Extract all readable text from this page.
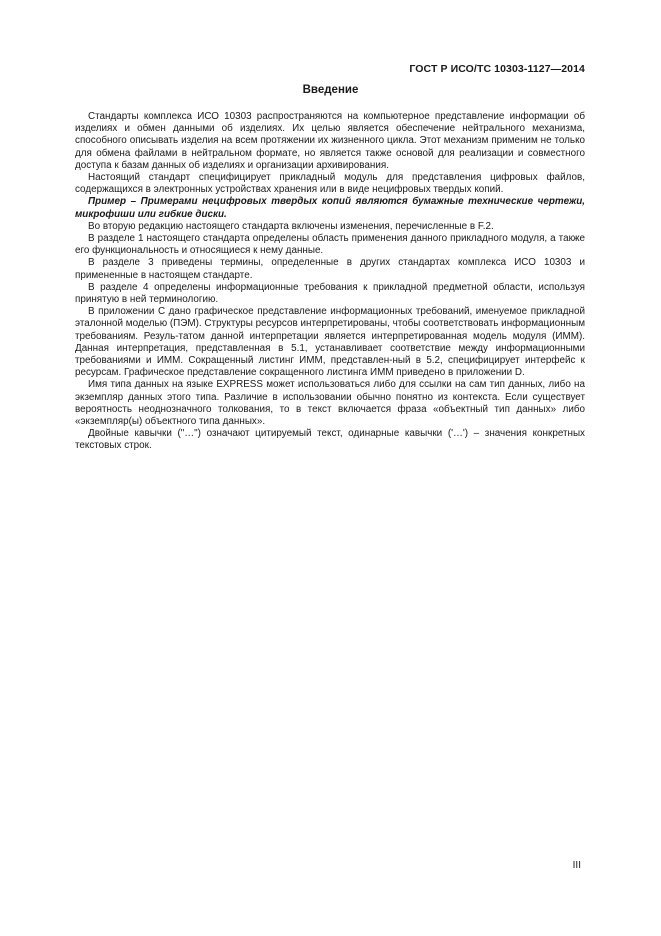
ГОСТ Р ИСО/ТС 10303-1127—2014
Введение

Стандарты комплекса ИСО 10303 распространяются на компьютерное представление информации об изделиях и обмен данными об изделиях. Их целью является обеспечение нейтрального механизма, способного описывать изделия на всем протяжении их жизненного цикла. Этот механизм применим не только для обмена файлами в нейтральном формате, но является также основой для реализации и совместного доступа к базам данных об изделиях и организации архивирования.

Настоящий стандарт специфицирует прикладный модуль для представления цифровых файлов, содержащихся в электронных устройствах хранения или в виде нецифровых твердых копий.

Пример – Примерами нецифровых твердых копий являются бумажные технические чертежи, микрофиши или гибкие диски.

Во вторую редакцию настоящего стандарта включены изменения, перечисленные в F.2.

В разделе 1 настоящего стандарта определены область применения данного прикладного модуля, а также его функциональность и относящиеся к нему данные.

В разделе 3 приведены термины, определенные в других стандартах комплекса ИСО 10303 и примененные в настоящем стандарте.

В разделе 4 определены информационные требования к прикладной предметной области, используя принятую в ней терминологию.

В приложении С дано графическое представление информационных требований, именуемое прикладной эталонной моделью (ПЭМ). Структуры ресурсов интерпретированы, чтобы соответствовать информационным требованиям. Резуль-татом данной интерпретации является интерпретированная модель модуля (ИММ). Данная интерпретация, представленная в 5.1, устанавливает соответствие между информационными требованиями и ИММ. Сокращенный листинг ИММ, представлен-ный в 5.2, специфицирует интерфейс к ресурсам. Графическое представление сокращенного листинга ИММ приведено в приложении D.

Имя типа данных на языке EXPRESS может использоваться либо для ссылки на сам тип данных, либо на экземпляр данных этого типа. Различие в использовании обычно понятно из контекста. Если существует вероятность неоднозначного толкования, то в текст включается фраза «объектный тип данных» либо «экземпляр(ы) объектного типа данных».

Двойные кавычки ("…") означают цитируемый текст, одинарные кавычки ('…') – значения конкретных текстовых строк.

III
